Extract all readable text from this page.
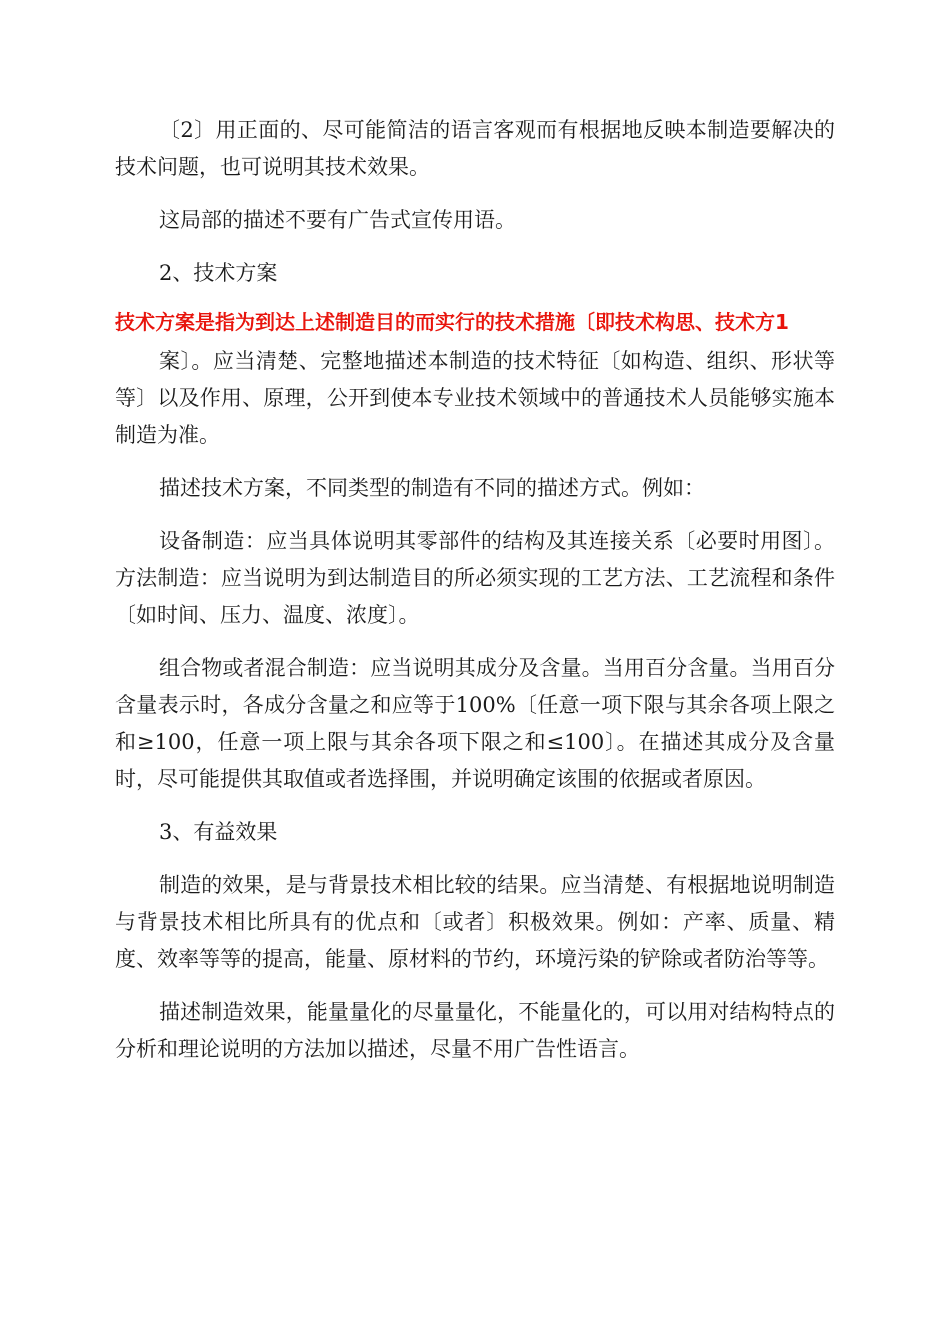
〔2〕用正面的、尽可能简洁的语言客观而有根据地反映本制造要解决的技术问题，也可说明其技术效果。

这局部的描述不要有广告式宣传用语。

2、技术方案

技术方案是指为到达上述制造目的而实行的技术措施〔即技术构思、技术方1

案〕。应当清楚、完整地描述本制造的技术特征〔如构造、组织、形状等等〕以及作用、原理，公开到使本专业技术领域中的普通技术人员能够实施本制造为准。

描述技术方案，不同类型的制造有不同的描述方式。例如：

设备制造：应当具体说明其零部件的结构及其连接关系〔必要时用图〕。方法制造：应当说明为到达制造目的所必须实现的工艺方法、工艺流程和条件〔如时间、压力、温度、浓度〕。

组合物或者混合制造：应当说明其成分及含量。当用百分含量。当用百分含量表示时，各成分含量之和应等于100%〔任意一项下限与其余各项上限之和≥100，任意一项上限与其余各项下限之和≤100〕。在描述其成分及含量时，尽可能提供其取值或者选择围，并说明确定该围的依据或者原因。

3、有益效果

制造的效果，是与背景技术相比较的结果。应当清楚、有根据地说明制造与背景技术相比所具有的优点和〔或者〕积极效果。例如：产率、质量、精度、效率等等的提高，能量、原材料的节约，环境污染的铲除或者防治等等。

描述制造效果，能量量化的尽量量化，不能量化的，可以用对结构特点的分析和理论说明的方法加以描述，尽量不用广告性语言。
